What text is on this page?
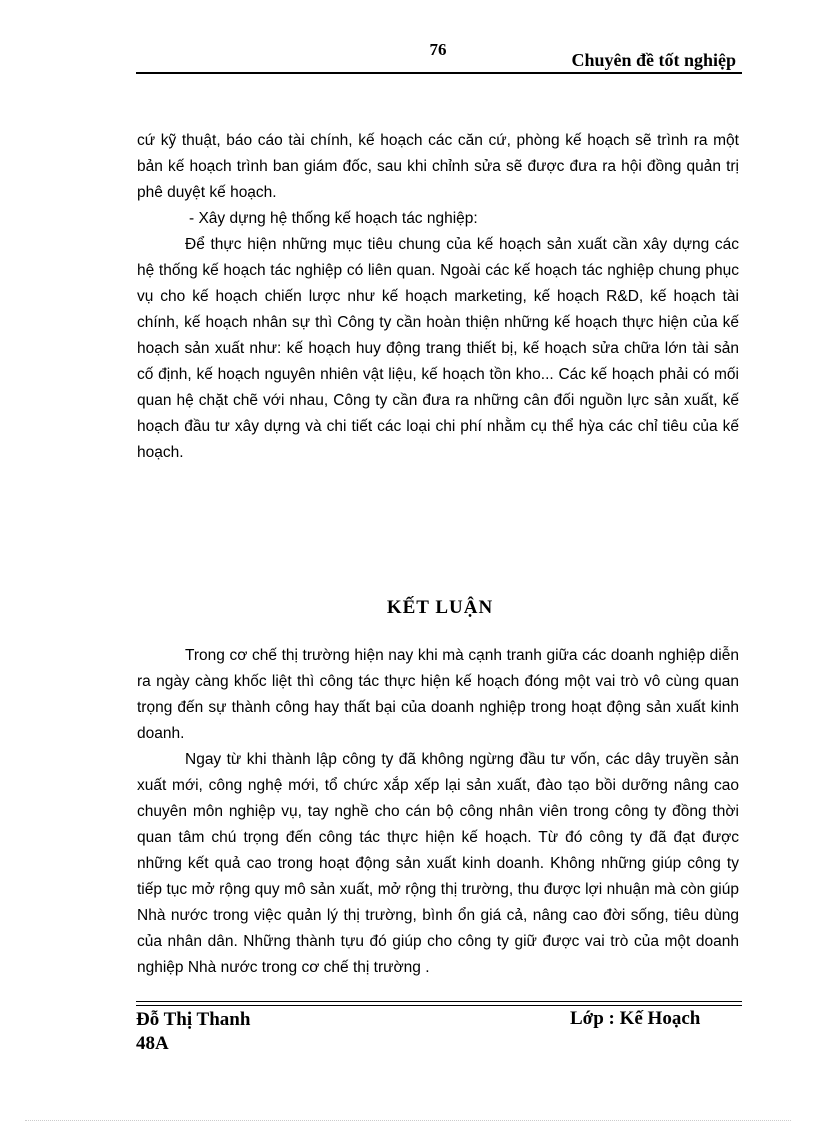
76
Chuyên đề tốt nghiệp

cứ kỹ thuật, báo cáo tài chính, kế hoạch các căn cứ, phòng kế hoạch sẽ trình ra một bản kế hoạch trình ban giám đốc, sau khi chỉnh sửa sẽ được đưa ra hội đồng quản trị phê duyệt kế hoạch.

- Xây dựng hệ thống kế hoạch tác nghiệp:

Để thực hiện những mục tiêu chung của kế hoạch sản xuất cần xây dựng các hệ thống kế hoạch tác nghiệp có liên quan. Ngoài các kế hoạch tác nghiệp chung phục vụ cho kế hoạch chiến lược như kế hoạch marketing, kế hoạch R&D, kế hoạch tài chính, kế hoạch nhân sự thì Công ty cần hoàn thiện những kế hoạch thực hiện của kế hoạch sản xuất như: kế hoạch huy động trang thiết bị, kế hoạch sửa chữa lớn tài sản cố định, kế hoạch nguyên nhiên vật liệu, kế hoạch tồn kho... Các kế hoạch phải có mối quan hệ chặt chẽ với nhau, Công ty cần đưa ra những cân đối nguồn lực sản xuất, kế hoạch đầu tư xây dựng và chi tiết các loại chi phí nhằm cụ thể hỳa các chỉ tiêu của kế hoạch.

KẾT LUẬN

Trong cơ chế thị trường hiện nay khi mà cạnh tranh giữa các doanh nghiệp diễn ra ngày càng khốc liệt thì công tác thực hiện kế hoạch đóng một vai trò vô cùng quan trọng đến sự thành công hay thất bại của doanh nghiệp trong hoạt động sản xuất kinh doanh.

Ngay từ khi thành lập công ty đã không ngừng đầu tư vốn, các dây truyền sản xuất mới, công nghệ mới, tổ chức xắp xếp lại sản xuất, đào tạo bồi dưỡng nâng cao chuyên môn nghiệp vụ, tay nghề cho cán bộ công nhân viên trong công ty đồng thời quan tâm chú trọng đến công tác thực hiện kế hoạch. Từ đó công ty đã đạt được những kết quả cao trong hoạt động sản xuất kinh doanh. Không những giúp công ty tiếp tục mở rộng quy mô sản xuất, mở rộng thị trường, thu được lợi nhuận mà còn giúp Nhà nước trong việc quản lý thị trường, bình ổn giá cả, nâng cao đời sống, tiêu dùng của nhân dân. Những thành tựu đó giúp cho công ty giữ được vai trò của một doanh nghiệp Nhà nước trong cơ chế thị trường .

Đỗ Thị Thanh
48A
Lớp : Kế Hoạch
